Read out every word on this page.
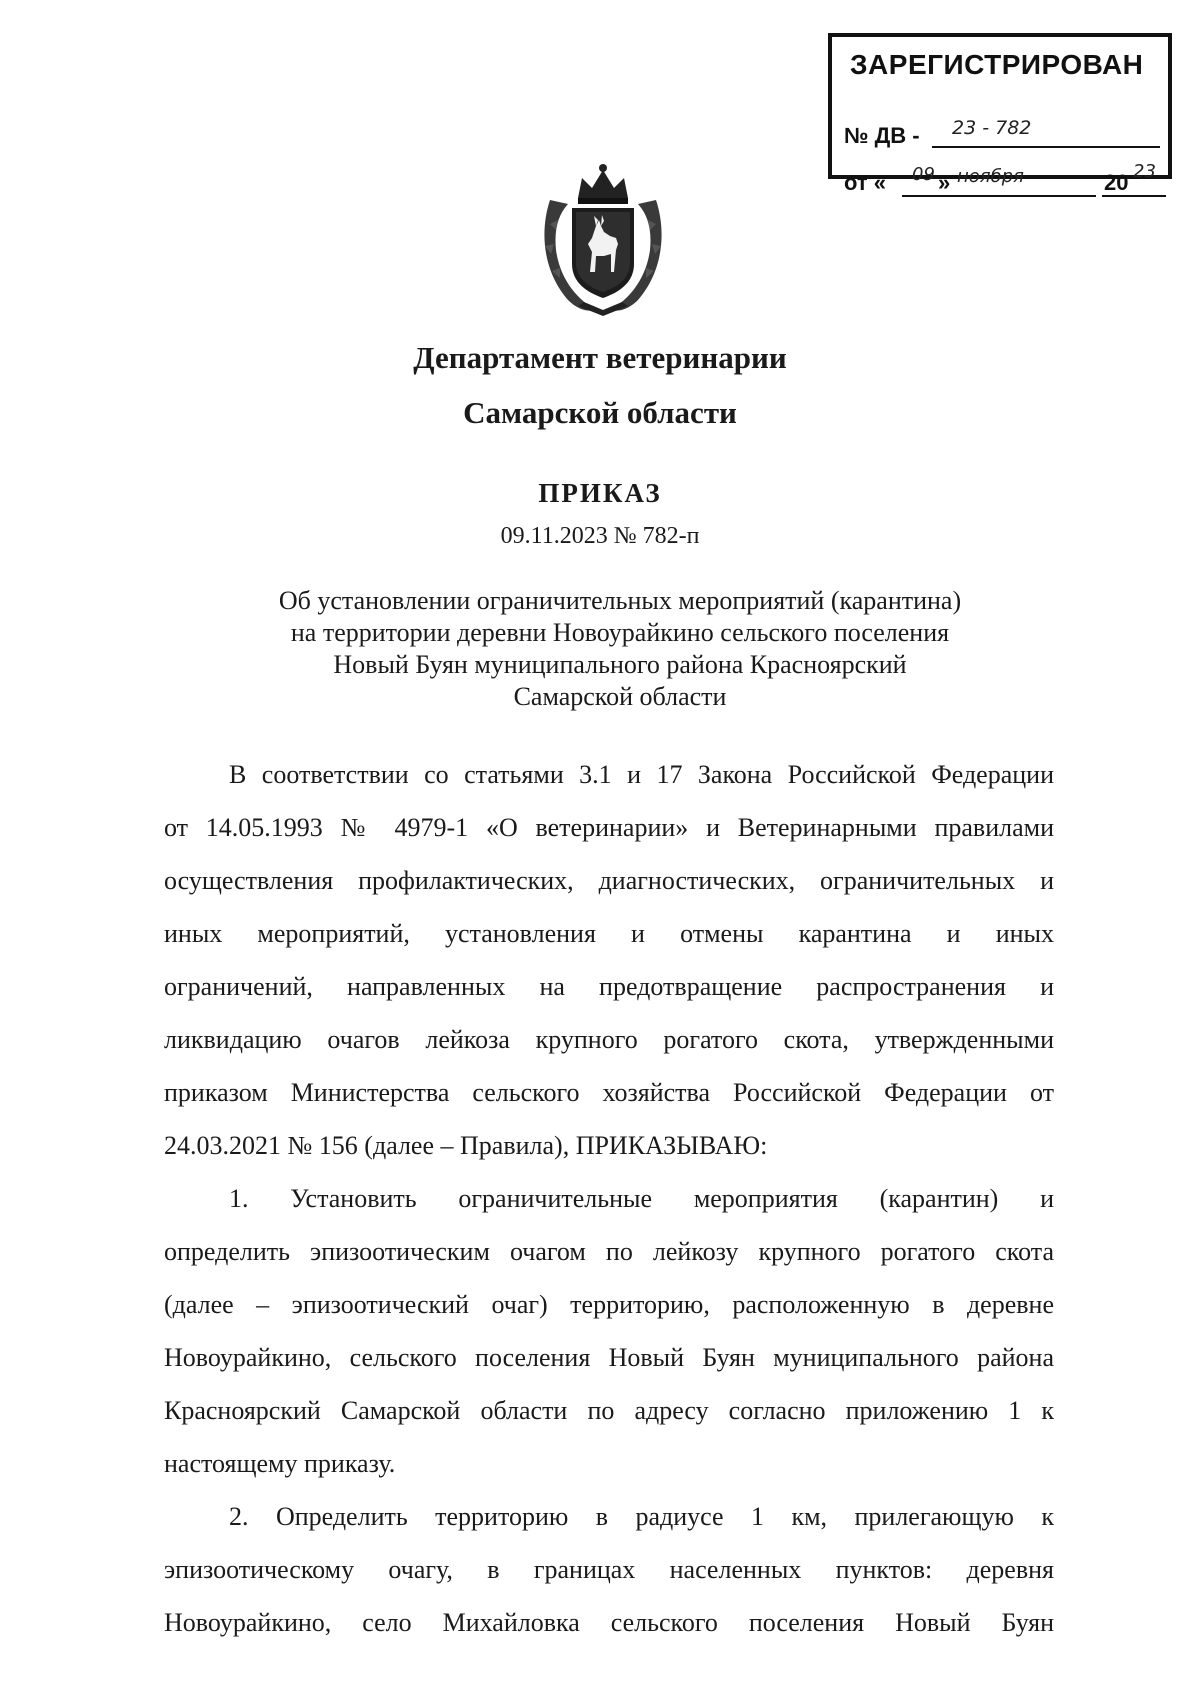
ЗАРЕГИСТРИРОВАН
№ ДВ - 23 - 782
от « 09 » ноября	20 23
Департамент ветеринарии
Самарской области
ПРИКАЗ
09.11.2023 № 782-п
Об установлении ограничительных мероприятий (карантина)
на территории деревни Новоурайкино сельского поселения
Новый Буян муниципального района Красноярский
Самарской области
В соответствии со статьями 3.1 и 17 Закона Российской Федерации
от 14.05.1993 № 4979-1 «О ветеринарии» и Ветеринарными правилами
осуществления профилактических, диагностических, ограничительных и
иных мероприятий, установления и отмены карантина и иных
ограничений, направленных на предотвращение распространения и
ликвидацию очагов лейкоза крупного рогатого скота, утвержденными
приказом Министерства сельского хозяйства Российской Федерации от
24.03.2021 № 156 (далее – Правила), ПРИКАЗЫВАЮ:
1. Установить ограничительные мероприятия (карантин) и
определить эпизоотическим очагом по лейкозу крупного рогатого скота
(далее – эпизоотический очаг) территорию, расположенную в деревне
Новоурайкино, сельского поселения Новый Буян муниципального района
Красноярский Самарской области по адресу согласно приложению 1 к
настоящему приказу.
2. Определить территорию в радиусе 1 км, прилегающую к
эпизоотическому очагу, в границах населенных пунктов: деревня
Новоурайкино, село Михайловка сельского поселения Новый Буян
